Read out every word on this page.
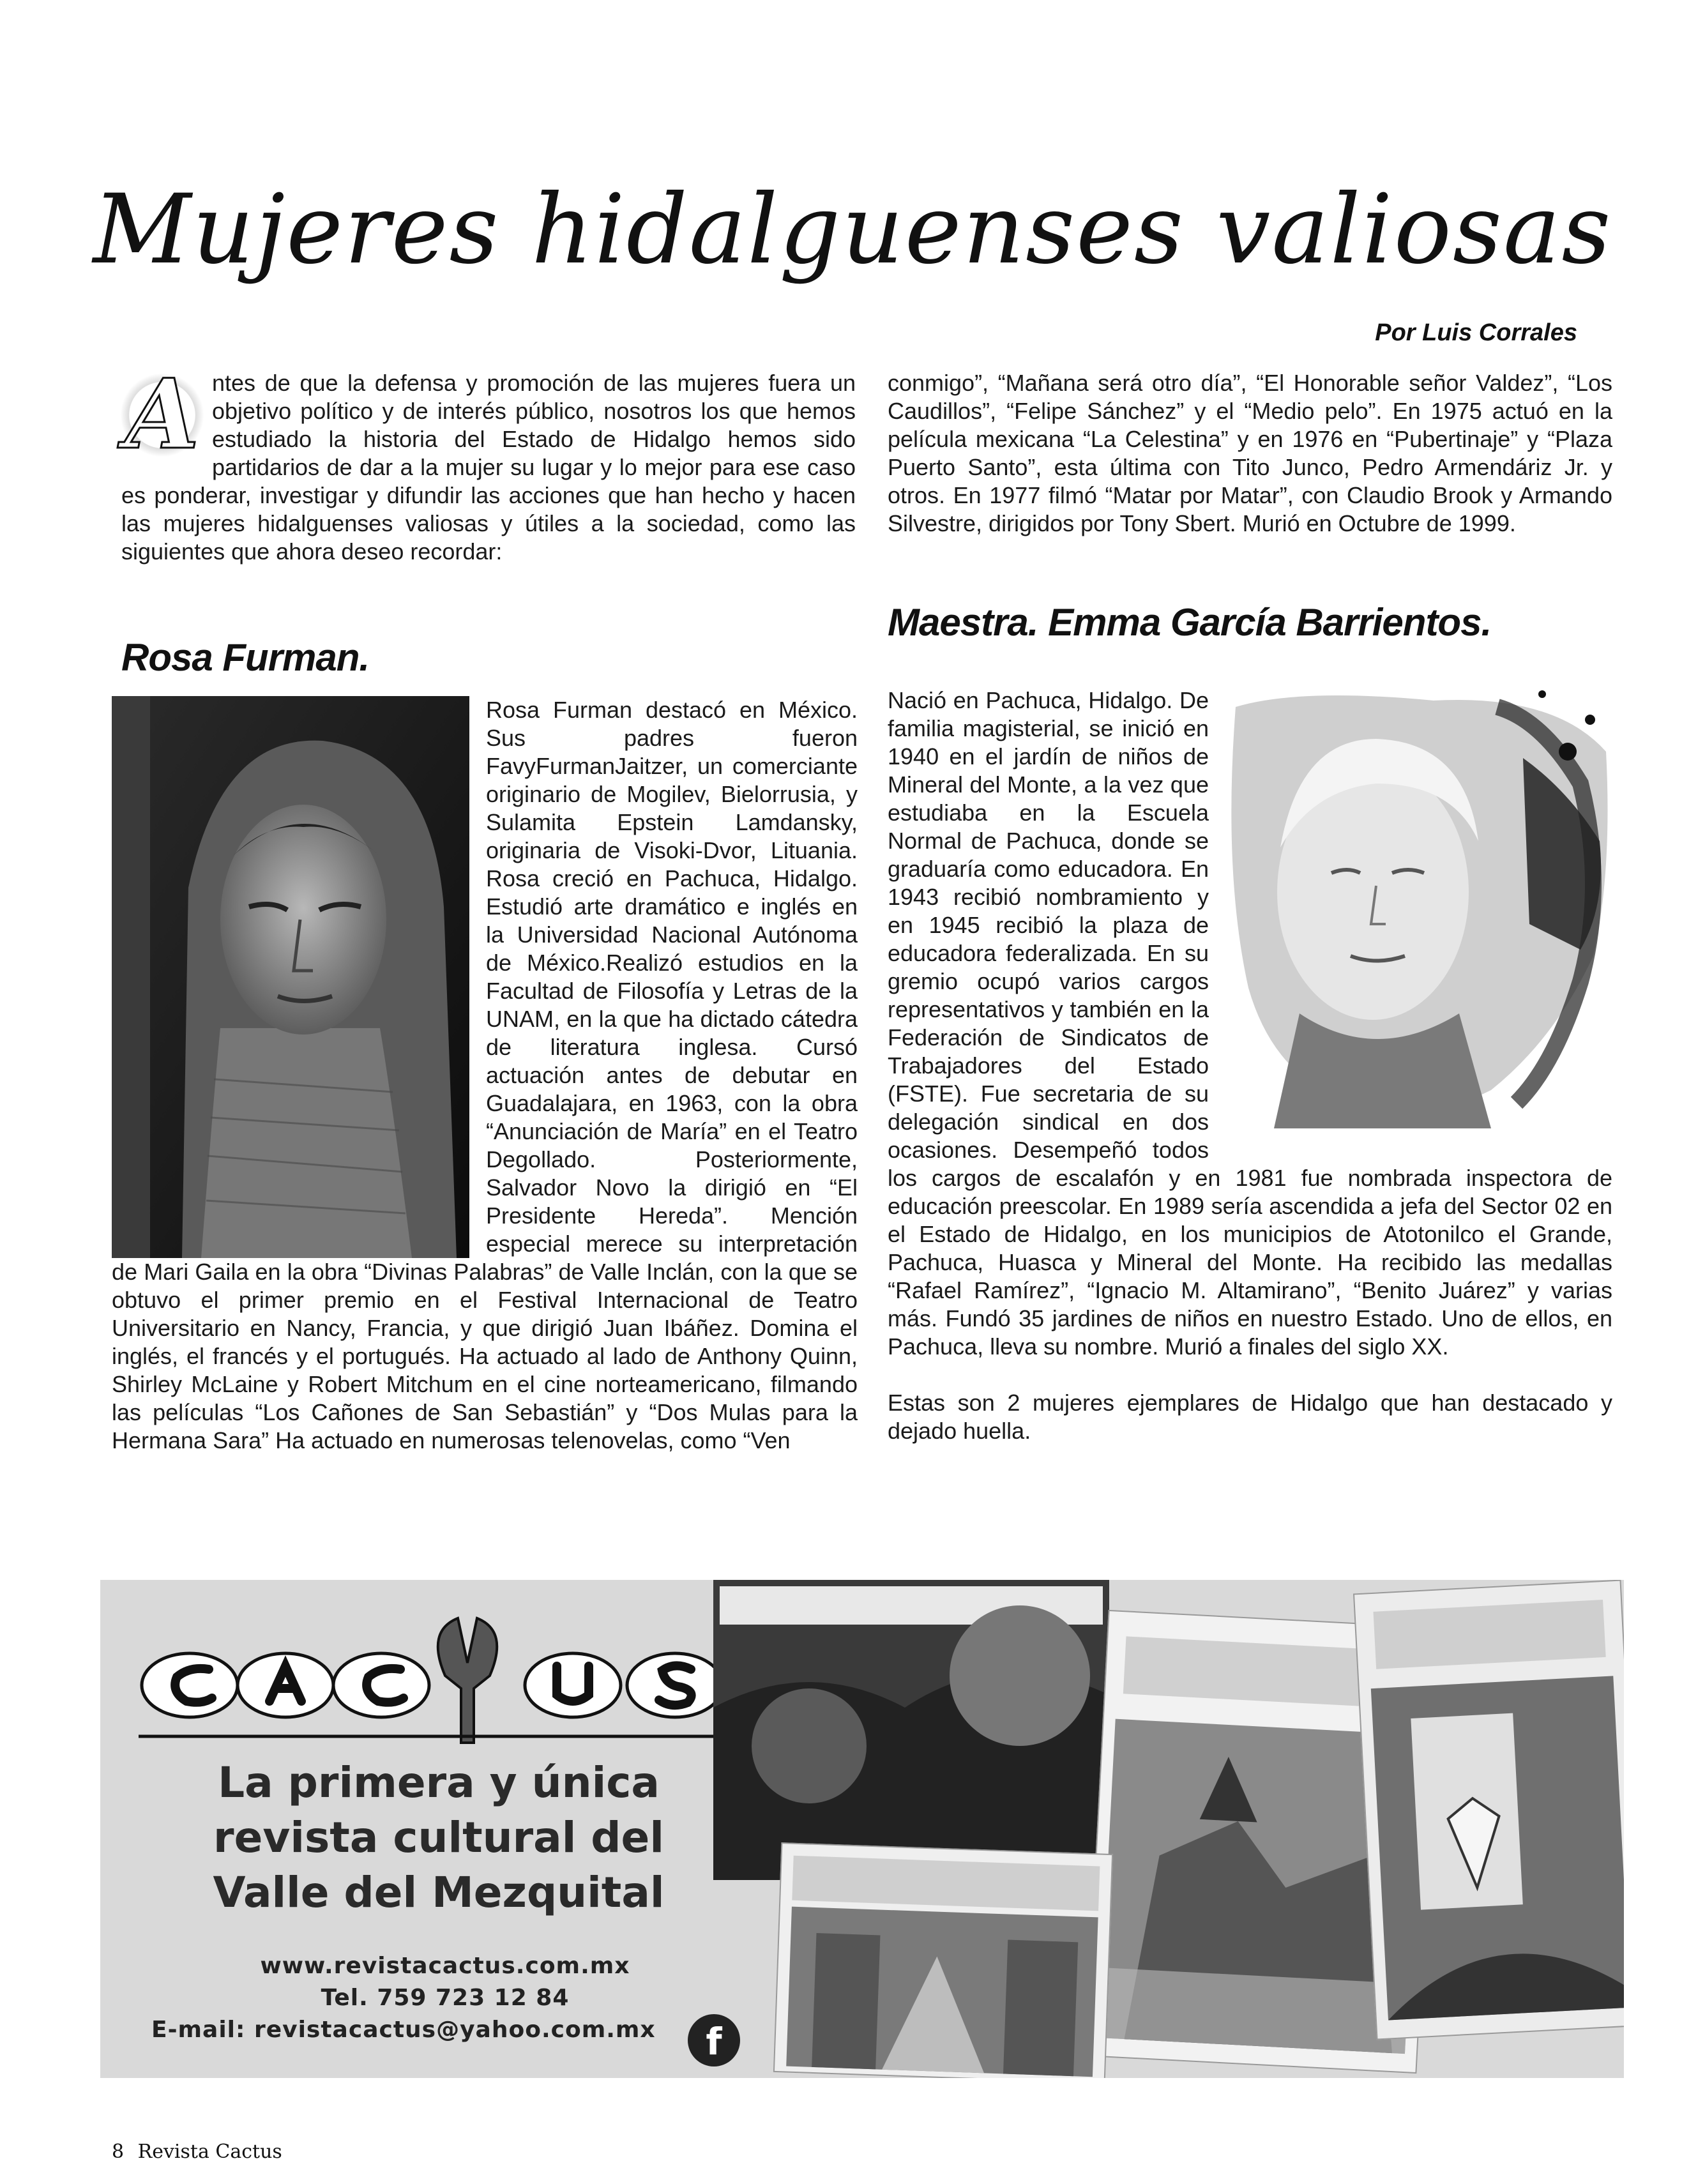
Mujeres hidalguenses valiosas
Por Luis Corrales

A ntes de que la defensa y promoción de las mujeres fuera un objetivo político y de interés público, nosotros los que hemos estudiado la historia del Estado de Hidalgo hemos sido partidarios de dar a la mujer su lugar y lo mejor para ese caso es ponderar, investigar y difundir las acciones que han hecho y hacen las mujeres hidalguenses valiosas y útiles a la sociedad, como las siguientes que ahora deseo recordar:

Rosa Furman.

Rosa Furman destacó en México. Sus padres fueron FavyFurmanJaitzer, un comerciante originario de Mogilev, Bielorrusia, y Sulamita Epstein Lamdansky, originaria de Visoki-Dvor, Lituania. Rosa creció en Pachuca, Hidalgo. Estudió arte dramático e inglés en la Universidad Nacional Autónoma de México.Realizó estudios en la Facultad de Filosofía y Letras de la UNAM, en la que ha dictado cátedra de literatura inglesa. Cursó actuación antes de debutar en Guadalajara, en 1963, con la obra “Anunciación de María” en el Teatro Degollado. Posteriormente, Salvador Novo la dirigió en “El Presidente Hereda”. Mención especial merece su interpretación de Mari Gaila en la obra “Divinas Palabras” de Valle Inclán, con la que se obtuvo el primer premio en el Festival Internacional de Teatro Universitario en Nancy, Francia, y que dirigió Juan Ibáñez. Domina el inglés, el francés y el portugués. Ha actuado al lado de Anthony Quinn, Shirley McLaine y Robert Mitchum en el cine norteamericano, filmando las películas “Los Cañones de San Sebastián” y “Dos Mulas para la Hermana Sara” Ha actuado en numerosas telenovelas, como “Ven

conmigo”, “Mañana será otro día”, “El Honorable señor Valdez”, “Los Caudillos”, “Felipe Sánchez” y el “Medio pelo”. En 1975 actuó en la película mexicana “La Celestina” y en 1976 en “Pubertinaje” y “Plaza Puerto Santo”, esta última con Tito Junco, Pedro Armendáriz Jr. y otros. En 1977 filmó “Matar por Matar”, con Claudio Brook y Armando Silvestre, dirigidos por Tony Sbert. Murió en Octubre de 1999.

Maestra. Emma García Barrientos.

Nació en Pachuca, Hidalgo. De familia magisterial, se inició en 1940 en el jardín de niños de Mineral del Monte, a la vez que estudiaba en la Escuela Normal de Pachuca, donde se graduaría como educadora. En 1943 recibió nombramiento y en 1945 recibió la plaza de educadora federalizada. En su gremio ocupó varios cargos representativos y también en la Federación de Sindicatos de Trabajadores del Estado (FSTE). Fue secretaria de su delegación sindical en dos ocasiones. Desempeñó todos los cargos de escalafón y en 1981 fue nombrada inspectora de educación preescolar. En 1989 sería ascendida a jefa del Sector 02 en el Estado de Hidalgo, en los municipios de Atotonilco el Grande, Pachuca, Huasca y Mineral del Monte. Ha recibido las medallas “Rafael Ramírez”, “Ignacio M. Altamirano”, “Benito Juárez” y varias más. Fundó 35 jardines de niños en nuestro Estado. Uno de ellos, en Pachuca, lleva su nombre. Murió a finales del siglo XX.

Estas son 2 mujeres ejemplares de Hidalgo que han destacado y dejado huella.

La primera y única
revista cultural del
Valle del Mezquital
www.revistacactus.com.mx
Tel. 759 723 12 84
E-mail: revistacactus@yahoo.com.mx	f
8 Revista Cactus
